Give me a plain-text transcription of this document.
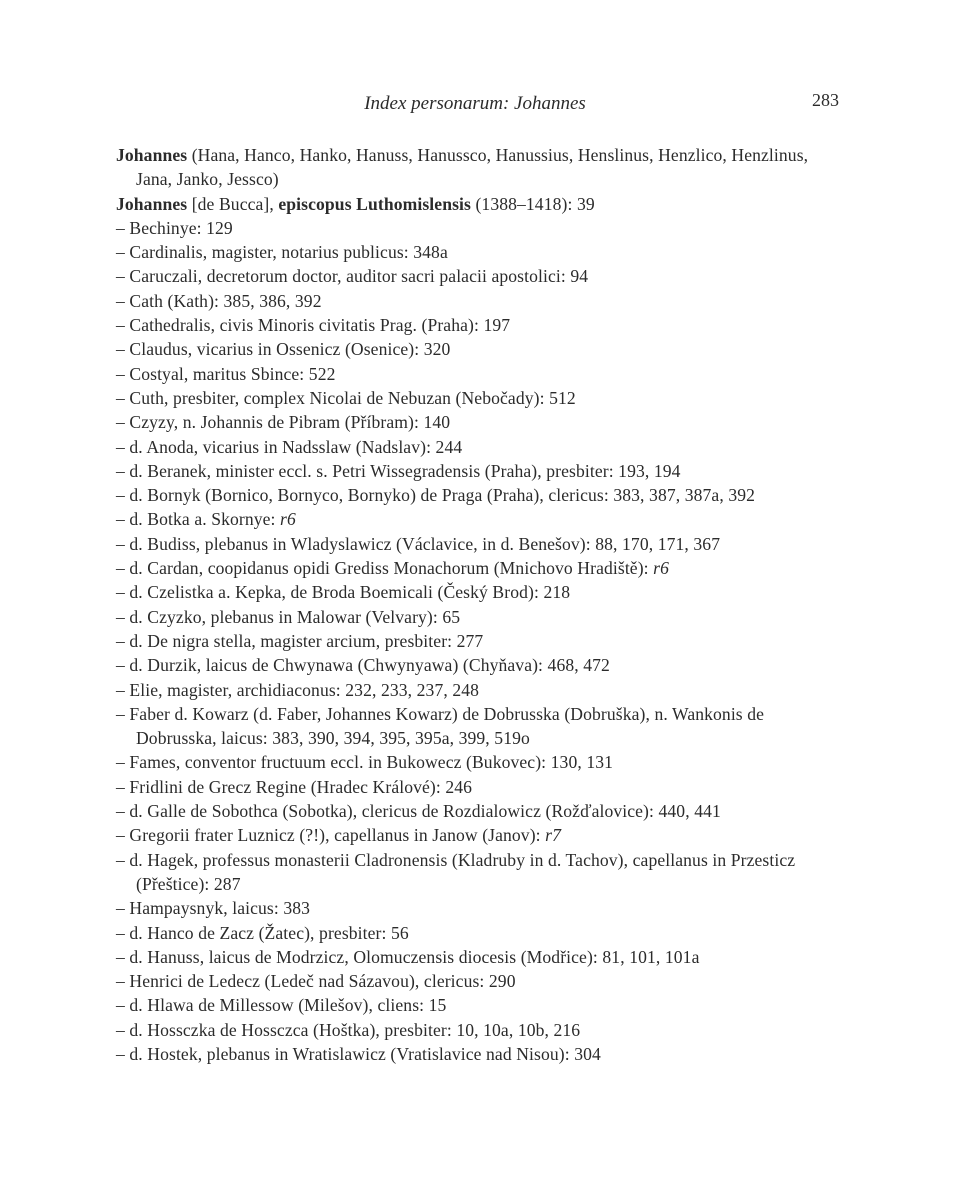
Index personarum: Johannes	283

Johannes (Hana, Hanco, Hanko, Hanuss, Hanussco, Hanussius, Henslinus, Henzlico, Henzlinus, Jana, Janko, Jessco)

Johannes [de Bucca], episcopus Luthomislensis (1388–1418): 39

– Bechinye: 129

– Cardinalis, magister, notarius publicus: 348a

– Caruczali, decretorum doctor, auditor sacri palacii apostolici: 94

– Cath (Kath): 385, 386, 392

– Cathedralis, civis Minoris civitatis Prag. (Praha): 197

– Claudus, vicarius in Ossenicz (Osenice): 320

– Costyal, maritus Sbince: 522

– Cuth, presbiter, complex Nicolai de Nebuzan (Nebočady): 512

– Czyzy, n. Johannis de Pibram (Příbram): 140

– d. Anoda, vicarius in Nadsslaw (Nadslav): 244

– d. Beranek, minister eccl. s. Petri Wissegradensis (Praha), presbiter: 193, 194

– d. Bornyk (Bornico, Bornyco, Bornyko) de Praga (Praha), clericus: 383, 387, 387a, 392

– d. Botka a. Skornye: r6

– d. Budiss, plebanus in Wladyslawicz (Václavice, in d. Benešov): 88, 170, 171, 367

– d. Cardan, coopidanus opidi Grediss Monachorum (Mnichovo Hradiště): r6

– d. Czelistka a. Kepka, de Broda Boemicali (Český Brod): 218

– d. Czyzko, plebanus in Malowar (Velvary): 65

– d. De nigra stella, magister arcium, presbiter: 277

– d. Durzik, laicus de Chwynawa (Chwynyawa) (Chyňava): 468, 472

– Elie, magister, archidiaconus: 232, 233, 237, 248

– Faber d. Kowarz (d. Faber, Johannes Kowarz) de Dobrusska (Dobruška), n. Wankonis de Dobrusska, laicus: 383, 390, 394, 395, 395a, 399, 519o

– Fames, conventor fructuum eccl. in Bukowecz (Bukovec): 130, 131

– Fridlini de Grecz Regine (Hradec Králové): 246

– d. Galle de Sobothca (Sobotka), clericus de Rozdialowicz (Rožďalovice): 440, 441

– Gregorii frater Luznicz (?!), capellanus in Janow (Janov): r7

– d. Hagek, professus monasterii Cladronensis (Kladruby in d. Tachov), capellanus in Przesticz (Přeštice): 287

– Hampaysnyk, laicus: 383

– d. Hanco de Zacz (Žatec), presbiter: 56

– d. Hanuss, laicus de Modrzicz, Olomuczensis diocesis (Modřice): 81, 101, 101a

– Henrici de Ledecz (Ledeč nad Sázavou), clericus: 290

– d. Hlawa de Millessow (Milešov), cliens: 15

– d. Hossczka de Hossczca (Hoštka), presbiter: 10, 10a, 10b, 216

– d. Hostek, plebanus in Wratislawicz (Vratislavice nad Nisou): 304
